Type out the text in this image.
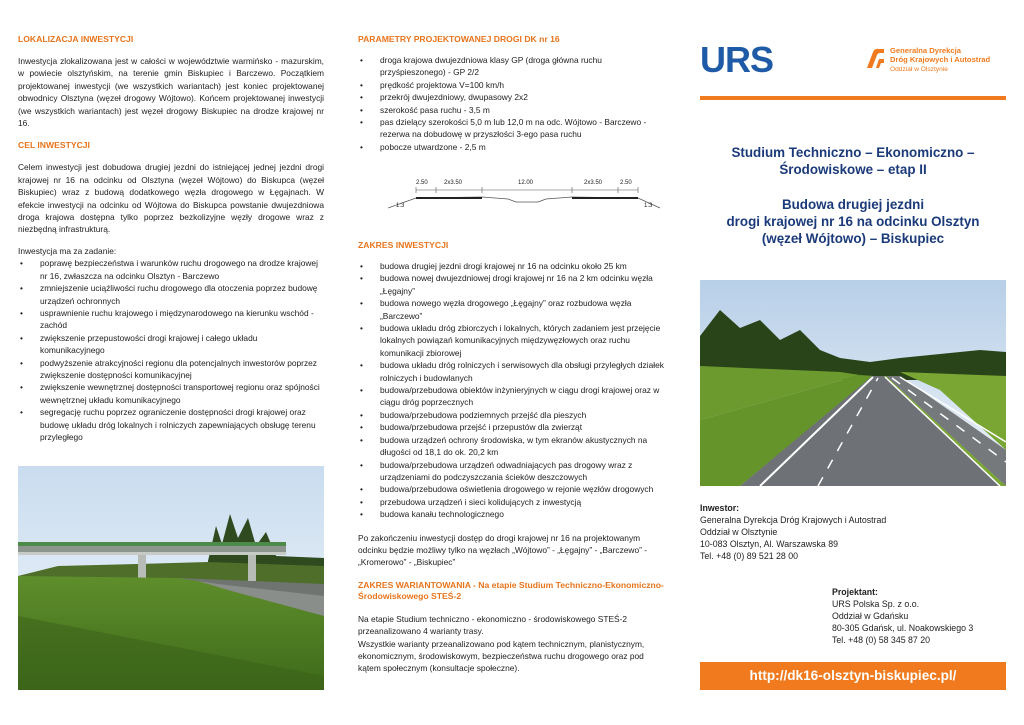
LOKALIZACJA INWESTYCJI

Inwestycja zlokalizowana jest w całości w województwie warmińsko - mazurskim, w powiecie olsztyńskim, na terenie gmin Biskupiec i Barczewo. Początkiem projektowanej inwestycji (we wszystkich wariantach) jest koniec projektowanej obwodnicy Olsztyna (węzeł drogowy Wójtowo). Końcem projektowanej inwestycji (we wszystkich wariantach) jest węzeł drogowy Biskupiec na drodze krajowej nr 16.

CEL INWESTYCJI

Celem inwestycji jest dobudowa drugiej jezdni do istniejącej jednej jezdni drogi krajowej nr 16 na odcinku od Olsztyna (węzeł Wójtowo) do Biskupca (węzeł Biskupiec) wraz z budową dodatkowego węzła drogowego w Łęgajnach. W efekcie inwestycji na odcinku od Wójtowa do Biskupca powstanie dwujezdniowa droga krajowa dostępna tylko poprzez bezkolizyjne węzły drogowe wraz z niezbędną infrastrukturą.

Inwestycja ma za zadanie:

• poprawę bezpieczeństwa i warunków ruchu drogowego na drodze krajowej nr 16, zwłaszcza na odcinku Olsztyn - Barczewo
• zmniejszenie uciążliwości ruchu drogowego dla otoczenia poprzez budowę urządzeń ochronnych
• usprawnienie ruchu krajowego i międzynarodowego na kierunku wschód - zachód
• zwiększenie przepustowości drogi krajowej i całego układu komunikacyjnego
• podwyższenie atrakcyjności regionu dla potencjalnych inwestorów poprzez zwiększenie dostępności komunikacyjnej
• zwiększenie wewnętrznej dostępności transportowej regionu oraz spójności wewnętrznej układu komunikacyjnego
• segregację ruchu poprzez ograniczenie dostępności drogi krajowej oraz budowę układu dróg lokalnych i rolniczych zapewniających obsługę terenu przyległego

PARAMETRY PROJEKTOWANEJ DROGI DK nr 16

• droga krajowa dwujezdniowa klasy GP (droga główna ruchu przyśpieszonego) - GP 2/2
• prędkość projektowa V=100 km/h
• przekrój dwujezdniowy, dwupasowy 2x2
• szerokość pasa ruchu - 3,5 m
• pas dzielący szerokości 5,0 m lub 12,0 m na odc. Wójtowo - Barczewo - rezerwa na dobudowę w przyszłości 3-ego pasa ruchu
• pobocze utwardzone - 2,5 m
2.50	2x3.50	12.00	2x3.50	2.50
1:3	1:3

ZAKRES INWESTYCJI

• budowa drugiej jezdni drogi krajowej nr 16 na odcinku około 25 km
• budowa nowej dwujezdniowej drogi krajowej nr 16 na 2 km odcinku węzła „Łęgajny”
• budowa nowego węzła drogowego „Łęgajny” oraz rozbudowa węzła „Barczewo”
• budowa układu dróg zbiorczych i lokalnych, których zadaniem jest przejęcie lokalnych powiązań komunikacyjnych międzywęzłowych oraz ruchu komunikacji zbiorowej
• budowa układu dróg rolniczych i serwisowych dla obsługi przyległych działek rolniczych i budowlanych
• budowa/przebudowa obiektów inżynieryjnych w ciągu drogi krajowej oraz w ciągu dróg poprzecznych
• budowa/przebudowa podziemnych przejść dla pieszych
• budowa/przebudowa przejść i przepustów dla zwierząt
• budowa urządzeń ochrony środowiska, w tym ekranów akustycznych na długości od 18,1 do ok. 20,2 km
• budowa/przebudowa urządzeń odwadniających pas drogowy wraz z urządzeniami do podczyszczania ścieków deszczowych
• budowa/przebudowa oświetlenia drogowego w rejonie węzłów drogowych
• przebudowa urządzeń i sieci kolidujących z inwestycją
• budowa kanału technologicznego

Po zakończeniu inwestycji dostęp do drogi krajowej nr 16 na projektowanym odcinku będzie możliwy tylko na węzłach „Wójtowo” - „Łęgajny” - „Barczewo” - „Kromerowo” - „Biskupiec”

ZAKRES WARIANTOWANIA - Na etapie Studium Techniczno-Ekonomiczno-Środowiskowego STEŚ-2

Na etapie Studium techniczno - ekonomiczno - środowiskowego STEŚ-2 przeanalizowano 4 warianty trasy.

Wszystkie warianty przeanalizowano pod kątem technicznym, planistycznym, ekonomicznym, środowiskowym, bezpieczeństwa ruchu drogowego oraz pod kątem społecznym (konsultacje społeczne).

URS	Generalna Dyrekcja
Dróg Krajowych i Autostrad
Oddział w Olsztynie
Studium Techniczno – Ekonomiczno –
Środowiskowe – etap II
Budowa drugiej jezdni
drogi krajowej nr 16 na odcinku Olsztyn
(węzeł Wójtowo) – Biskupiec
Inwestor:
Generalna Dyrekcja Dróg Krajowych i Autostrad
Oddział w Olsztynie
10-083 Olsztyn, Al. Warszawska 89
Tel. +48 (0) 89 521 28 00
Projektant:
URS Polska Sp. z o.o.
Oddział w Gdańsku
80-305 Gdańsk, ul. Noakowskiego 3
Tel. +48 (0) 58 345 87 20
http://dk16-olsztyn-biskupiec.pl/
